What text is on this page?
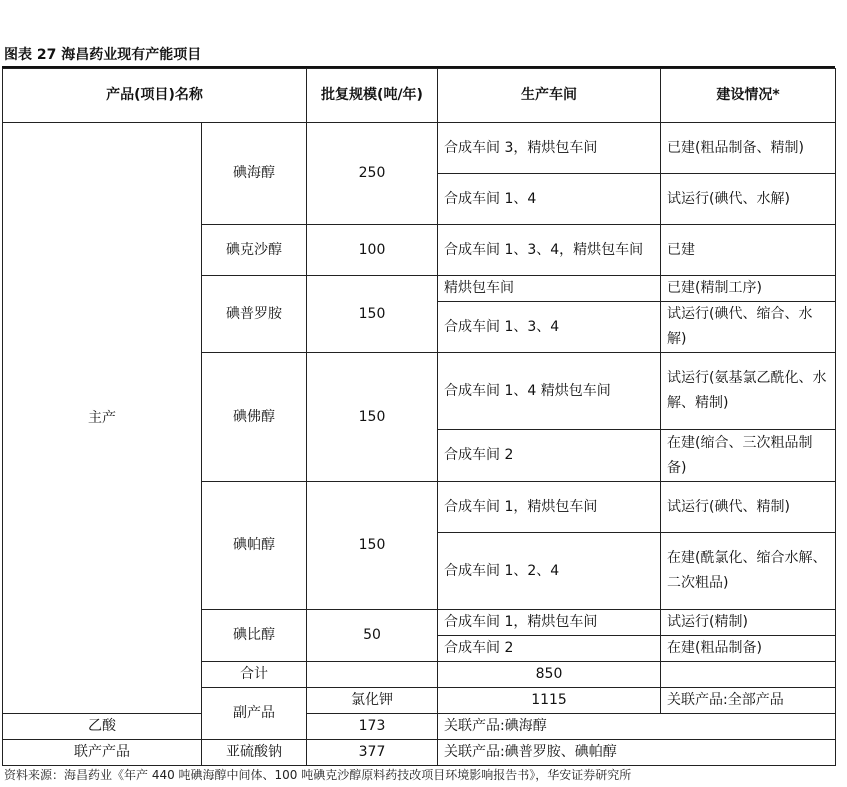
图表 27 海昌药业现有产能项目
产品(项目)名称		批复规模(吨/年)	生产车间	建设情况*	
主产	碘海醇	250	合成车间 3，精烘包车间	已建(粗品制备、精制)	
			合成车间 1、4	试运行(碘代、水解)	
	碘克沙醇	100	合成车间 1、3、4，精烘包车间	已建	
	碘普罗胺	150	精烘包车间	已建(精制工序)	
			合成车间 1、3、4	试运行(碘代、缩合、水解)	
	碘佛醇	150	合成车间 1、4 精烘包车间	试运行(氨基氯乙酰化、水解、精制)	
			合成车间 2	在建(缩合、三次粗品制备)	
	碘帕醇	150	合成车间 1，精烘包车间	试运行(碘代、精制)	
			合成车间 1、2、4	在建(酰氯化、缩合水解、二次粗品)	
	碘比醇	50	合成车间 1，精烘包车间	试运行(精制)	
			合成车间 2	在建(粗品制备)	
	合计		850		
	副产品	氯化钾	1115	关联产品:全部产品	
乙酸		173	关联产品:碘海醇		
联产产品	亚硫酸钠	377	关联产品:碘普罗胺、碘帕醇		
资料来源：海昌药业《年产 440 吨碘海醇中间体、100 吨碘克沙醇原料药技改项目环境影响报告书》，华安证券研究所
